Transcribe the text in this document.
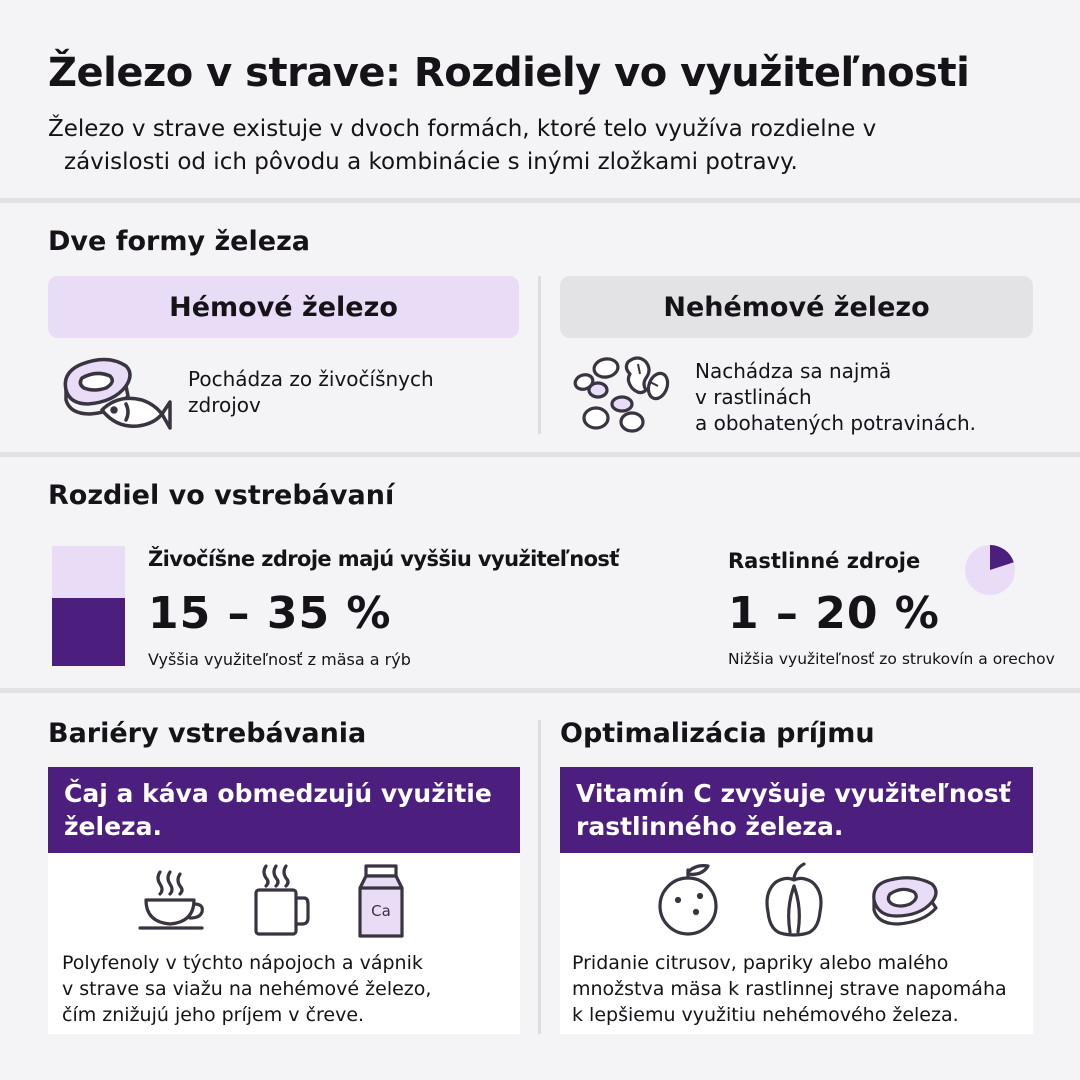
Železo v strave: Rozdiely vo využiteľnosti
Železo v strave existuje v dvoch formách, ktoré telo využíva rozdielne v
závislosti od ich pôvodu a kombinácie s inými zložkami potravy.
Dve formy železa
Hémové železo	Nehémové železo
Pochádza zo živočíšnych
zdrojov
Nachádza sa najmä
v rastlinách
a obohatených potravinách.
Rozdiel vo vstrebávaní
Živočíšne zdroje majú vyššiu využiteľnosť
15 – 35 %
Vyššia využiteľnosť z mäsa a rýb
Rastlinné zdroje
1 – 20 %
Nižšia využiteľnosť zo strukovín a orechov
Bariéry vstrebávania
Čaj a káva obmedzujú využitie
železa.
Ca
Polyfenoly v týchto nápojoch a vápnik
v strave sa viažu na nehémové železo,
čím znižujú jeho príjem v čreve.
Optimalizácia príjmu
Vitamín C zvyšuje využiteľnosť
rastlinného železa.
Pridanie citrusov, papriky alebo malého
množstva mäsa k rastlinnej strave napomáha
k lepšiemu využitiu nehémového železa.
